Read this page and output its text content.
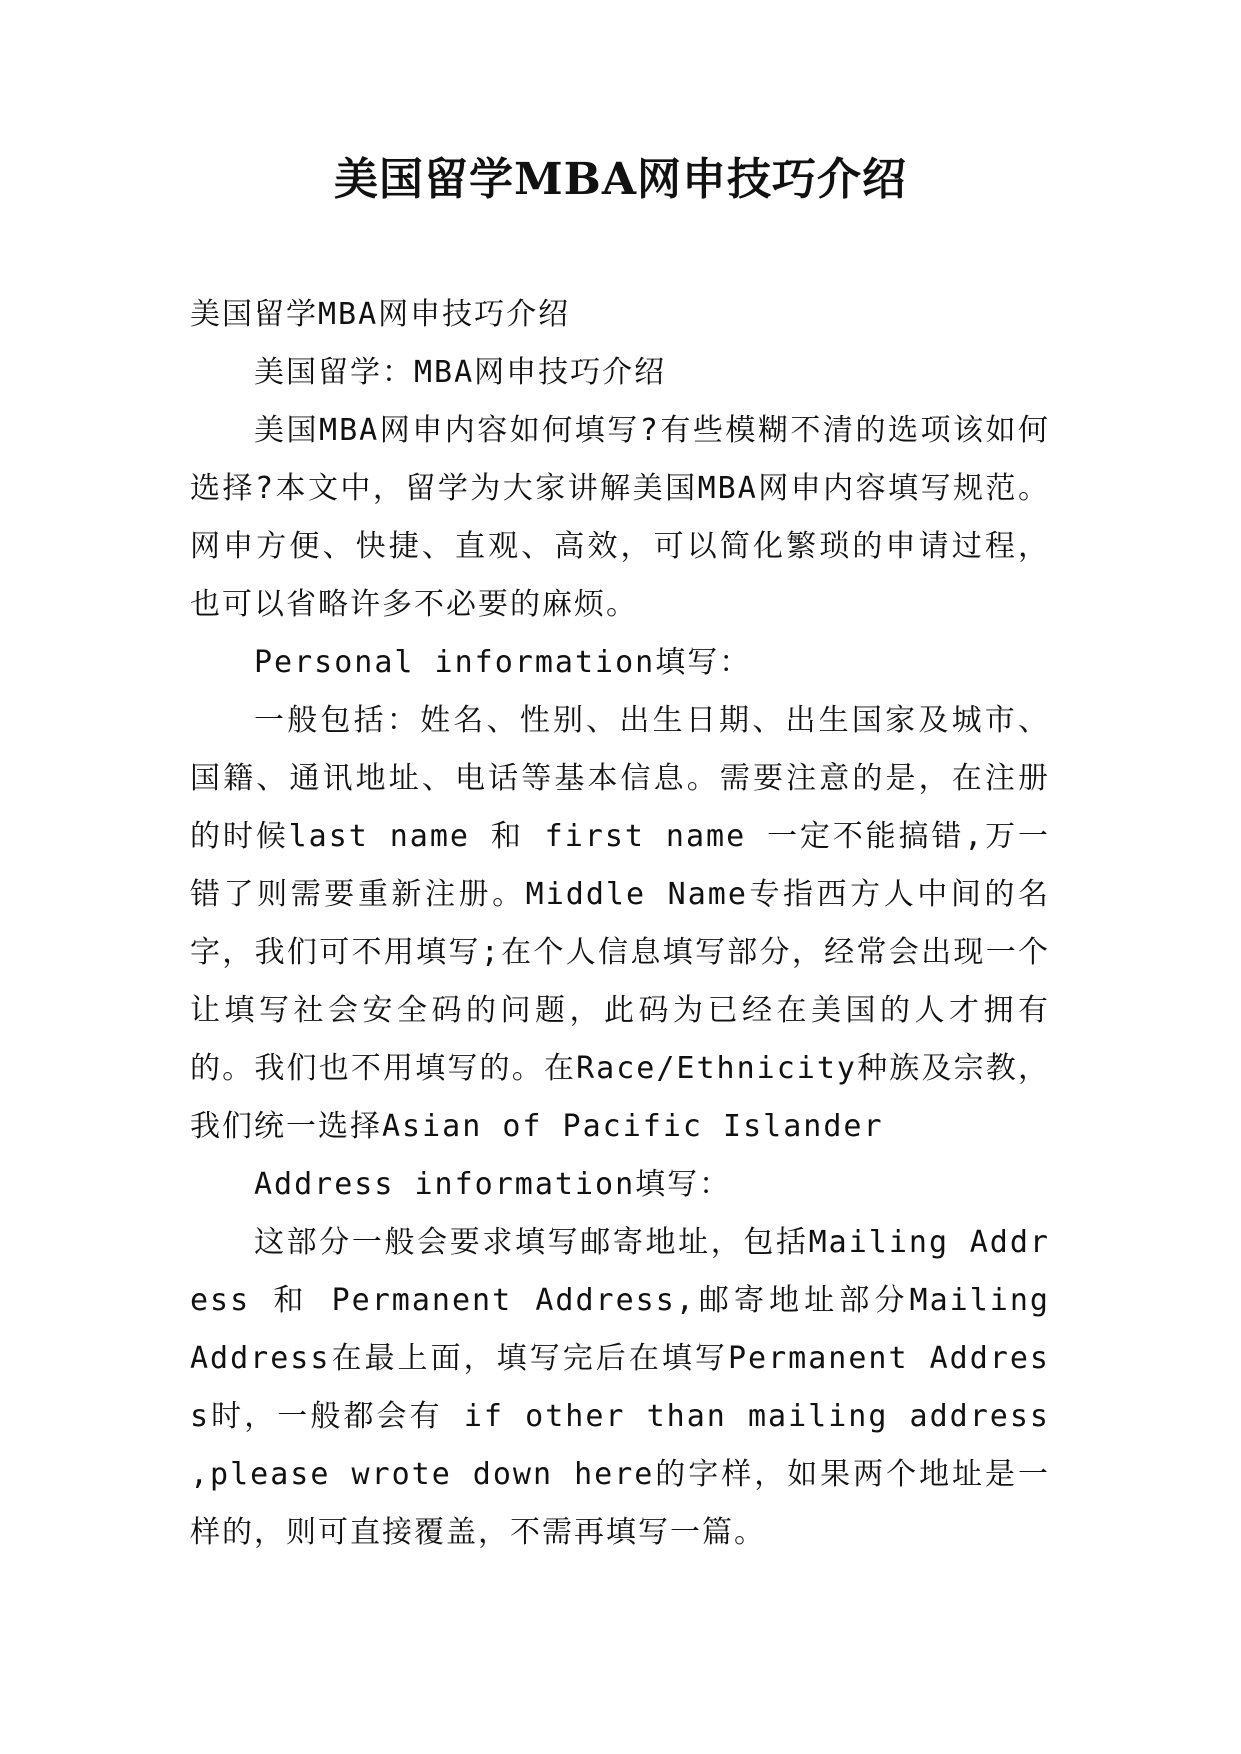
美国留学MBA网申技巧介绍

美国留学MBA网申技巧介绍

美国留学：MBA网申技巧介绍

美国MBA网申内容如何填写?有些模糊不清的选项该如何选择?本文中，留学为大家讲解美国MBA网申内容填写规范。网申方便、快捷、直观、高效，可以简化繁琐的申请过程，也可以省略许多不必要的麻烦。

Personal information填写：

一般包括：姓名、性别、出生日期、出生国家及城市、国籍、通讯地址、电话等基本信息。需要注意的是，在注册的时候last name 和 first name 一定不能搞错,万一错了则需要重新注册。Middle Name专指西方人中间的名字，我们可不用填写;在个人信息填写部分，经常会出现一个让填写社会安全码的问题，此码为已经在美国的人才拥有的。我们也不用填写的。在Race/Ethnicity种族及宗教，我们统一选择Asian of Pacific Islander

Address information填写：

这部分一般会要求填写邮寄地址，包括Mailing Address 和 Permanent Address,邮寄地址部分Mailing Address在最上面，填写完后在填写Permanent Address时，一般都会有 if other than mailing address ,please wrote down here的字样，如果两个地址是一样的，则可直接覆盖，不需再填写一篇。
